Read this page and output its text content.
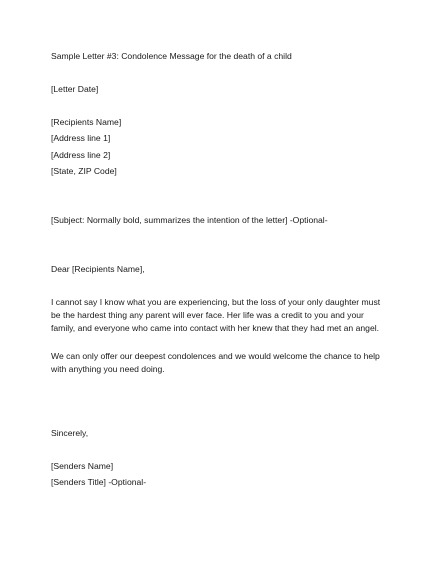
Sample Letter #3: Condolence Message for the death of a child
[Letter Date]
[Recipients Name]
[Address line 1]
[Address line 2]
[State, ZIP Code]
[Subject: Normally bold, summarizes the intention of the letter] -Optional-
Dear [Recipients Name],
I cannot say I know what you are experiencing, but the loss of your only daughter must
be the hardest thing any parent will ever face. Her life was a credit to you and your
family, and everyone who came into contact with her knew that they had met an angel.
We can only offer our deepest condolences and we would welcome the chance to help
with anything you need doing.
Sincerely,
[Senders Name]
[Senders Title] -Optional-
